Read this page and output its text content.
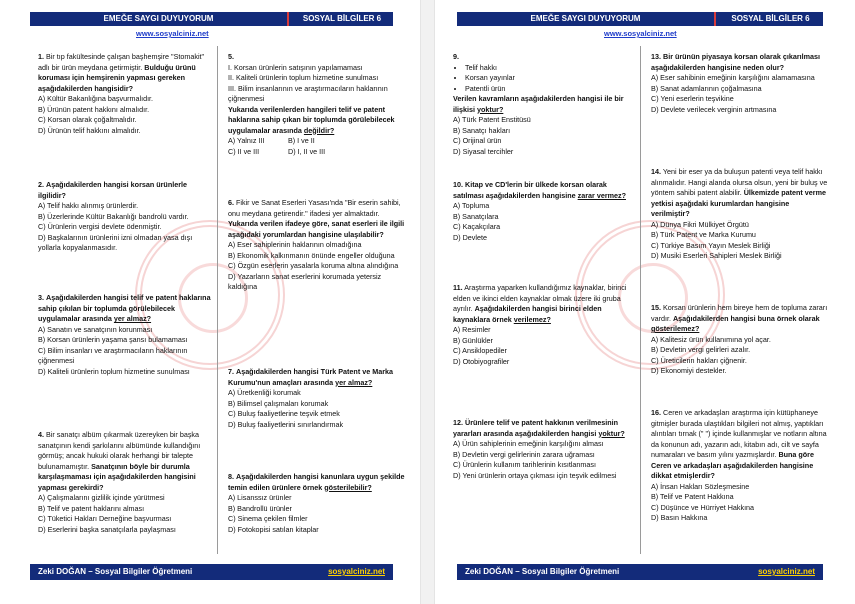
EMEĞE SAYGI DUYUYORUM	SOSYAL BİLGİLER 6
www.sosyalciniz.net

1. Bir tıp fakültesinde çalışan başhemşire "Stomakit" adlı bir ürün meydana getirmiştir. Bulduğu ürünü koruması için hemşirenin yapması gereken aşağıdakilerden hangisidir?

A) Kültür Bakanlığına başvurmalıdır.

B) Ürünün patent hakkını almalıdır.

C) Korsan olarak çoğaltmalıdır.

D) Ürünün telif hakkını almalıdır.

2. Aşağıdakilerden hangisi korsan ürünlerle ilgilidir?

A) Telif hakkı alınmış ürünlerdir.

B) Üzerlerinde Kültür Bakanlığı bandrolü vardır.

C) Ürünlerin vergisi devlete ödenmiştir.

D) Başkalarının ürünlerini izni olmadan yasa dışı yollarla kopyalanmasıdır.

3. Aşağıdakilerden hangisi telif ve patent haklarına sahip çıkılan bir toplumda görülebilecek uygulamalar arasında yer almaz?

A) Sanatın ve sanatçının korunması

B) Korsan ürünlerin yaşama şansı bulamaması

C) Bilim insanları ve araştırmacıların haklarının çiğnenmesi

D) Kaliteli ürünlerin toplum hizmetine sunulması

4. Bir sanatçı albüm çıkarmak üzereyken bir başka sanatçının kendi şarkılarını albümünde kullandığını görmüş; ancak hukuki olarak herhangi bir talepte bulunamamıştır. Sanatçının böyle bir durumla karşılaşmaması için aşağıdakilerden hangisini yapması gerekirdi?

A) Çalışmalarını gizlilik içinde yürütmesi

B) Telif ve patent haklarını alması

C) Tüketici Hakları Derneğine başvurması

D) Eserlerini başka sanatçılarla paylaşması

5.

I. Korsan ürünlerin satışının yapılamaması

II. Kaliteli ürünlerin toplum hizmetine sunulması

III. Bilim insanlarının ve araştırmacıların haklarının çiğnenmesi

Yukarıda verilenlerden hangileri telif ve patent haklarına sahip çıkan bir toplumda görülebilecek uygulamalar arasında değildir?

A) Yalnız III	B) I ve II
C) II ve III	D) I, II ve III

6. Fikir ve Sanat Eserleri Yasası'nda "Bir eserin sahibi, onu meydana getirendir." ifadesi yer almaktadır. Yukarıda verilen ifadeye göre, sanat eserleri ile ilgili aşağıdaki yorumlardan hangisine ulaşılabilir?

A) Eser sahiplerinin haklarının olmadığına

B) Ekonomik kalkınmanın önünde engeller olduğuna

C) Özgün eserlerin yasalarla koruma altına alındığına

D) Yazarların sanat eserlerini korumada yetersiz kaldığına

7. Aşağıdakilerden hangisi Türk Patent ve Marka Kurumu'nun amaçları arasında yer almaz?

A) Üretkenliği korumak

B) Bilimsel çalışmaları korumak

C) Buluş faaliyetlerine teşvik etmek

D) Buluş faaliyetlerini sınırlandırmak

8. Aşağıdakilerden hangisi kanunlara uygun şekilde temin edilen ürünlere örnek gösterilebilir?

A) Lisanssız ürünler

B) Bandrollü ürünler

C) Sinema çekilen filmler

D) Fotokopisi satılan kitaplar

Zeki DOĞAN – Sosyal Bilgiler Öğretmeni	sosyalciniz.net
EMEĞE SAYGI DUYUYORUM	SOSYAL BİLGİLER 6
www.sosyalciniz.net

9.

• Telif hakkı
• Korsan yayınlar
• Patentli ürün

Verilen kavramların aşağıdakilerden hangisi ile bir ilişkisi yoktur?

A) Türk Patent Enstitüsü

B) Sanatçı hakları

C) Orijinal ürün

D) Siyasal tercihler

10. Kitap ve CD'lerin bir ülkede korsan olarak satılması aşağıdakilerden hangisine zarar vermez?

A) Topluma

B) Sanatçılara

C) Kaçakçılara

D) Devlete

11. Araştırma yaparken kullandığımız kaynaklar, birinci elden ve ikinci elden kaynaklar olmak üzere iki gruba ayrılır. Aşağıdakilerden hangisi birinci elden kaynaklara örnek verilemez?

A) Resimler

B) Günlükler

C) Ansiklopediler

D) Otobiyografiler

12. Ürünlere telif ve patent hakkının verilmesinin yararları arasında aşağıdakilerden hangisi yoktur?

A) Ürün sahiplerinin emeğinin karşılığını alması

B) Devletin vergi gelirlerinin zarara uğraması

C) Ürünlerin kullanım tarihlerinin kısıtlanması

D) Yeni ürünlerin ortaya çıkması için teşvik edilmesi

13. Bir ürünün piyasaya korsan olarak çıkarılması aşağıdakilerden hangisine neden olur?

A) Eser sahibinin emeğinin karşılığını alamamasına

B) Sanat adamlarının çoğalmasına

C) Yeni eserlerin teşvikine

D) Devlete verilecek verginin artmasına

14. Yeni bir eser ya da buluşun patenti veya telif hakkı alınmalıdır. Hangi alanda olursa olsun, yeni bir buluş ve yöntem sahibi patent alabilir. Ülkemizde patent verme yetkisi aşağıdaki kurumlardan hangisine verilmiştir?

A) Dünya Fikri Mülkiyet Örgütü

B) Türk Patent ve Marka Kurumu

C) Türkiye Basım Yayın Meslek Birliği

D) Musiki Eserleri Sahipleri Meslek Birliği

15. Korsan ürünlerin hem bireye hem de topluma zararı vardır. Aşağıdakilerden hangisi buna örnek olarak gösterilemez?

A) Kalitesiz ürün kullanımına yol açar.

B) Devletin vergi gelirleri azalır.

C) Üreticilerin hakları çiğnenir.

D) Ekonomiyi destekler.

16. Ceren ve arkadaşları araştırma için kütüphaneye gitmişler burada ulaştıkları bilgileri not almış, yaptıkları alıntıları tırnak (" ") içinde kullanmışlar ve notların altına da konunun adı, yazarın adı, kitabın adı, cilt ve sayfa numaraları ve basım yılını yazmışlardır. Buna göre Ceren ve arkadaşları aşağıdakilerden hangisine dikkat etmişlerdir?

A) İnsan Hakları Sözleşmesine

B) Telif ve Patent Hakkına

C) Düşünce ve Hürriyet Hakkına

D) Basın Hakkına

Zeki DOĞAN – Sosyal Bilgiler Öğretmeni	sosyalciniz.net
